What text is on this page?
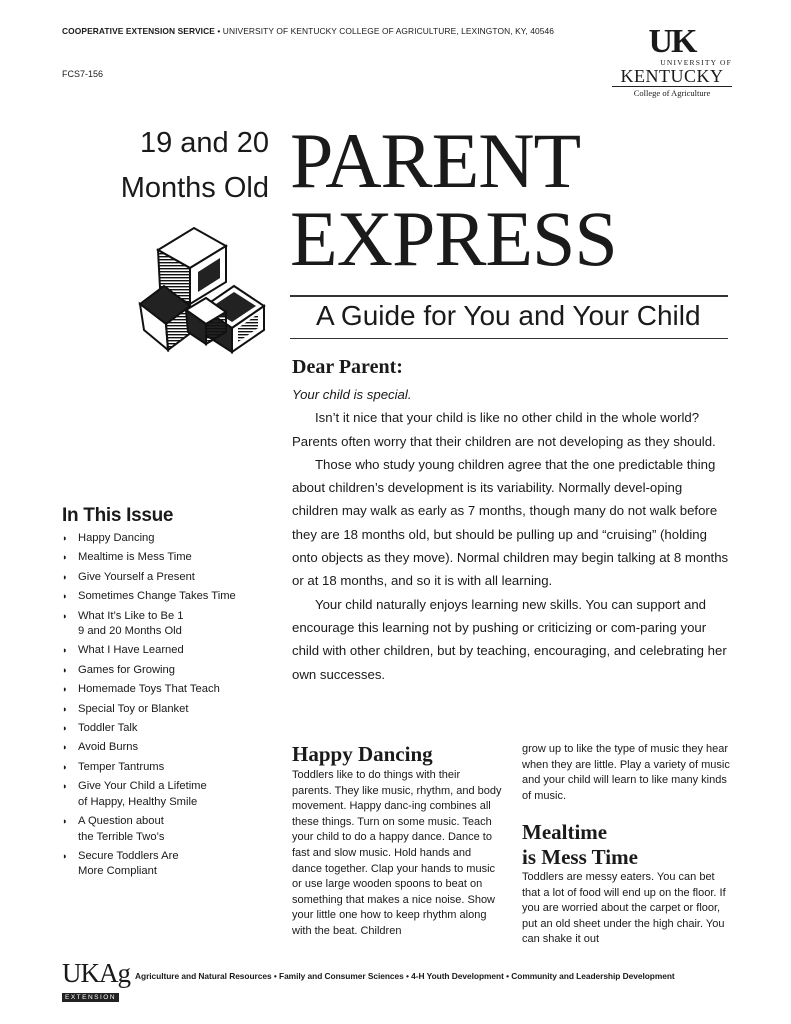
COOPERATIVE EXTENSION SERVICE • UNIVERSITY OF KENTUCKY COLLEGE OF AGRICULTURE, LEXINGTON, KY, 40546
FCS7-156
UK
UNIVERSITY OF
KENTUCKY
College of Agriculture
19 and 20
Months Old PARENT
EXPRESS
A Guide for You and Your Child
Dear Parent:

Your child is special.

Isn’t it nice that your child is like no other child in the whole world? Parents often worry that their children are not developing as they should.

Those who study young children agree that the one predictable thing about children’s development is its variability. Normally devel-oping children may walk as early as 7 months, though many do not walk before they are 18 months old, but should be pulling up and “cruising” (holding onto objects as they move). Normal children may begin talking at 8 months or at 18 months, and so it is with all learning.

Your child naturally enjoys learning new skills. You can support and encourage this learning not by pushing or criticizing or com-paring your child with other children, but by teaching, encouraging, and celebrating her own successes.

In This Issue
◗ Happy Dancing
◗ Mealtime is Mess Time
◗ Give Yourself a Present
◗ Sometimes Change Takes Time
◗ What It’s Like to Be 1
9 and 20 Months Old
◗ What I Have Learned
◗ Games for Growing
◗ Homemade Toys That Teach
◗ Special Toy or Blanket
◗ Toddler Talk
◗ Avoid Burns
◗ Temper Tantrums
◗ Give Your Child a Lifetime
of Happy, Healthy Smile
◗ A Question about
the Terrible Two’s
◗ Secure Toddlers Are
More Compliant
Happy Dancing

Toddlers like to do things with their parents. They like music, rhythm, and body movement. Happy danc-ing combines all these things. Turn on some music. Teach your child to do a happy dance. Dance to fast and slow music. Hold hands and dance together. Clap your hands to music or use large wooden spoons to beat on something that makes a nice noise. Show your little one how to keep rhythm along with the beat. Children

grow up to like the type of music they hear when they are little. Play a variety of music and your child will learn to like many kinds of music.

Mealtime
is Mess Time

Toddlers are messy eaters. You can bet that a lot of food will end up on the floor. If you are worried about the carpet or floor, put an old sheet under the high chair. You can shake it out

UKAg
EXTENSION
Agriculture and Natural Resources • Family and Consumer Sciences • 4-H Youth Development • Community and Leadership Development
